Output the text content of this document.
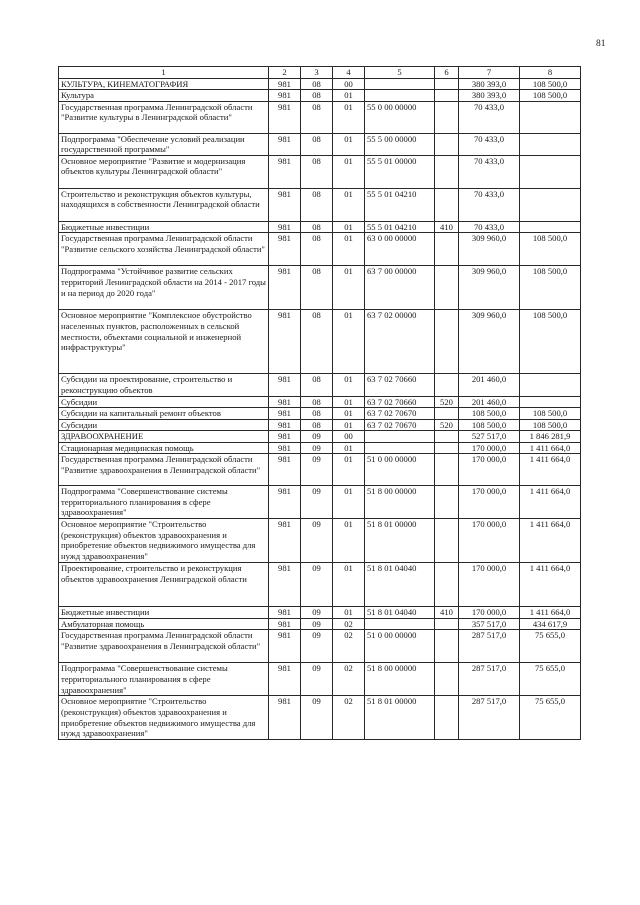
81
1	2	3	4	5	6	7	8
КУЛЬТУРА, КИНЕМАТОГРАФИЯ	981	08	00			380 393,0	108 500,0
Культура	981	08	01			380 393,0	108 500,0
Государственная программа Ленинградской области "Развитие культуры в Ленинградской области"	981	08	01	55 0 00 00000		70 433,0	
Подпрограмма "Обеспечение условий реализации государственной программы"	981	08	01	55 5 00 00000		70 433,0	
Основное мероприятие "Развитие и модернизация объектов культуры Ленинградской области"	981	08	01	55 5 01 00000		70 433,0	
Строительство и реконструкция объектов культуры, находящихся в собственности Ленинградской области	981	08	01	55 5 01 04210		70 433,0	
Бюджетные инвестиции	981	08	01	55 5 01 04210	410	70 433,0	
Государственная программа Ленинградской области "Развитие сельского хозяйства Ленинградской области"	981	08	01	63 0 00 00000		309 960,0	108 500,0
Подпрограмма "Устойчивое развитие сельских территорий Ленинградской области на 2014 - 2017 годы и на период до 2020 года"	981	08	01	63 7 00 00000		309 960,0	108 500,0
Основное мероприятие "Комплексное обустройство населенных пунктов, расположенных в сельской местности, объектами социальной и инженерной инфраструктуры"	981	08	01	63 7 02 00000		309 960,0	108 500,0
Субсидии на проектирование, строительство и реконструкцию объектов	981	08	01	63 7 02 70660		201 460,0	
Субсидии	981	08	01	63 7 02 70660	520	201 460,0	
Субсидии на капитальный ремонт объектов	981	08	01	63 7 02 70670		108 500,0	108 500,0
Субсидии	981	08	01	63 7 02 70670	520	108 500,0	108 500,0
ЗДРАВООХРАНЕНИЕ	981	09	00			527 517,0	1 846 281,9
Стационарная медицинская помощь	981	09	01			170 000,0	1 411 664,0
Государственная программа Ленинградской области "Развитие здравоохранения в Ленинградской области"	981	09	01	51 0 00 00000		170 000,0	1 411 664,0
Подпрограмма "Совершенствование системы территориального планирования в сфере здравоохранения"	981	09	01	51 8 00 00000		170 000,0	1 411 664,0
Основное мероприятие "Строительство (реконструкция) объектов здравоохранения и приобретение объектов недвижимого имущества для нужд здравоохранения"	981	09	01	51 8 01 00000		170 000,0	1 411 664,0
Проектирование, строительство и реконструкция объектов здравоохранения Ленинградской области	981	09	01	51 8 01 04040		170 000,0	1 411 664,0
Бюджетные инвестиции	981	09	01	51 8 01 04040	410	170 000,0	1 411 664,0
Амбулаторная помощь	981	09	02			357 517,0	434 617,9
Государственная программа Ленинградской области "Развитие здравоохранения в Ленинградской области"	981	09	02	51 0 00 00000		287 517,0	75 655,0
Подпрограмма "Совершенствование системы территориального планирования в сфере здравоохранения"	981	09	02	51 8 00 00000		287 517,0	75 655,0
Основное мероприятие "Строительство (реконструкция) объектов здравоохранения и приобретение объектов недвижимого имущества для нужд здравоохранения"	981	09	02	51 8 01 00000		287 517,0	75 655,0
